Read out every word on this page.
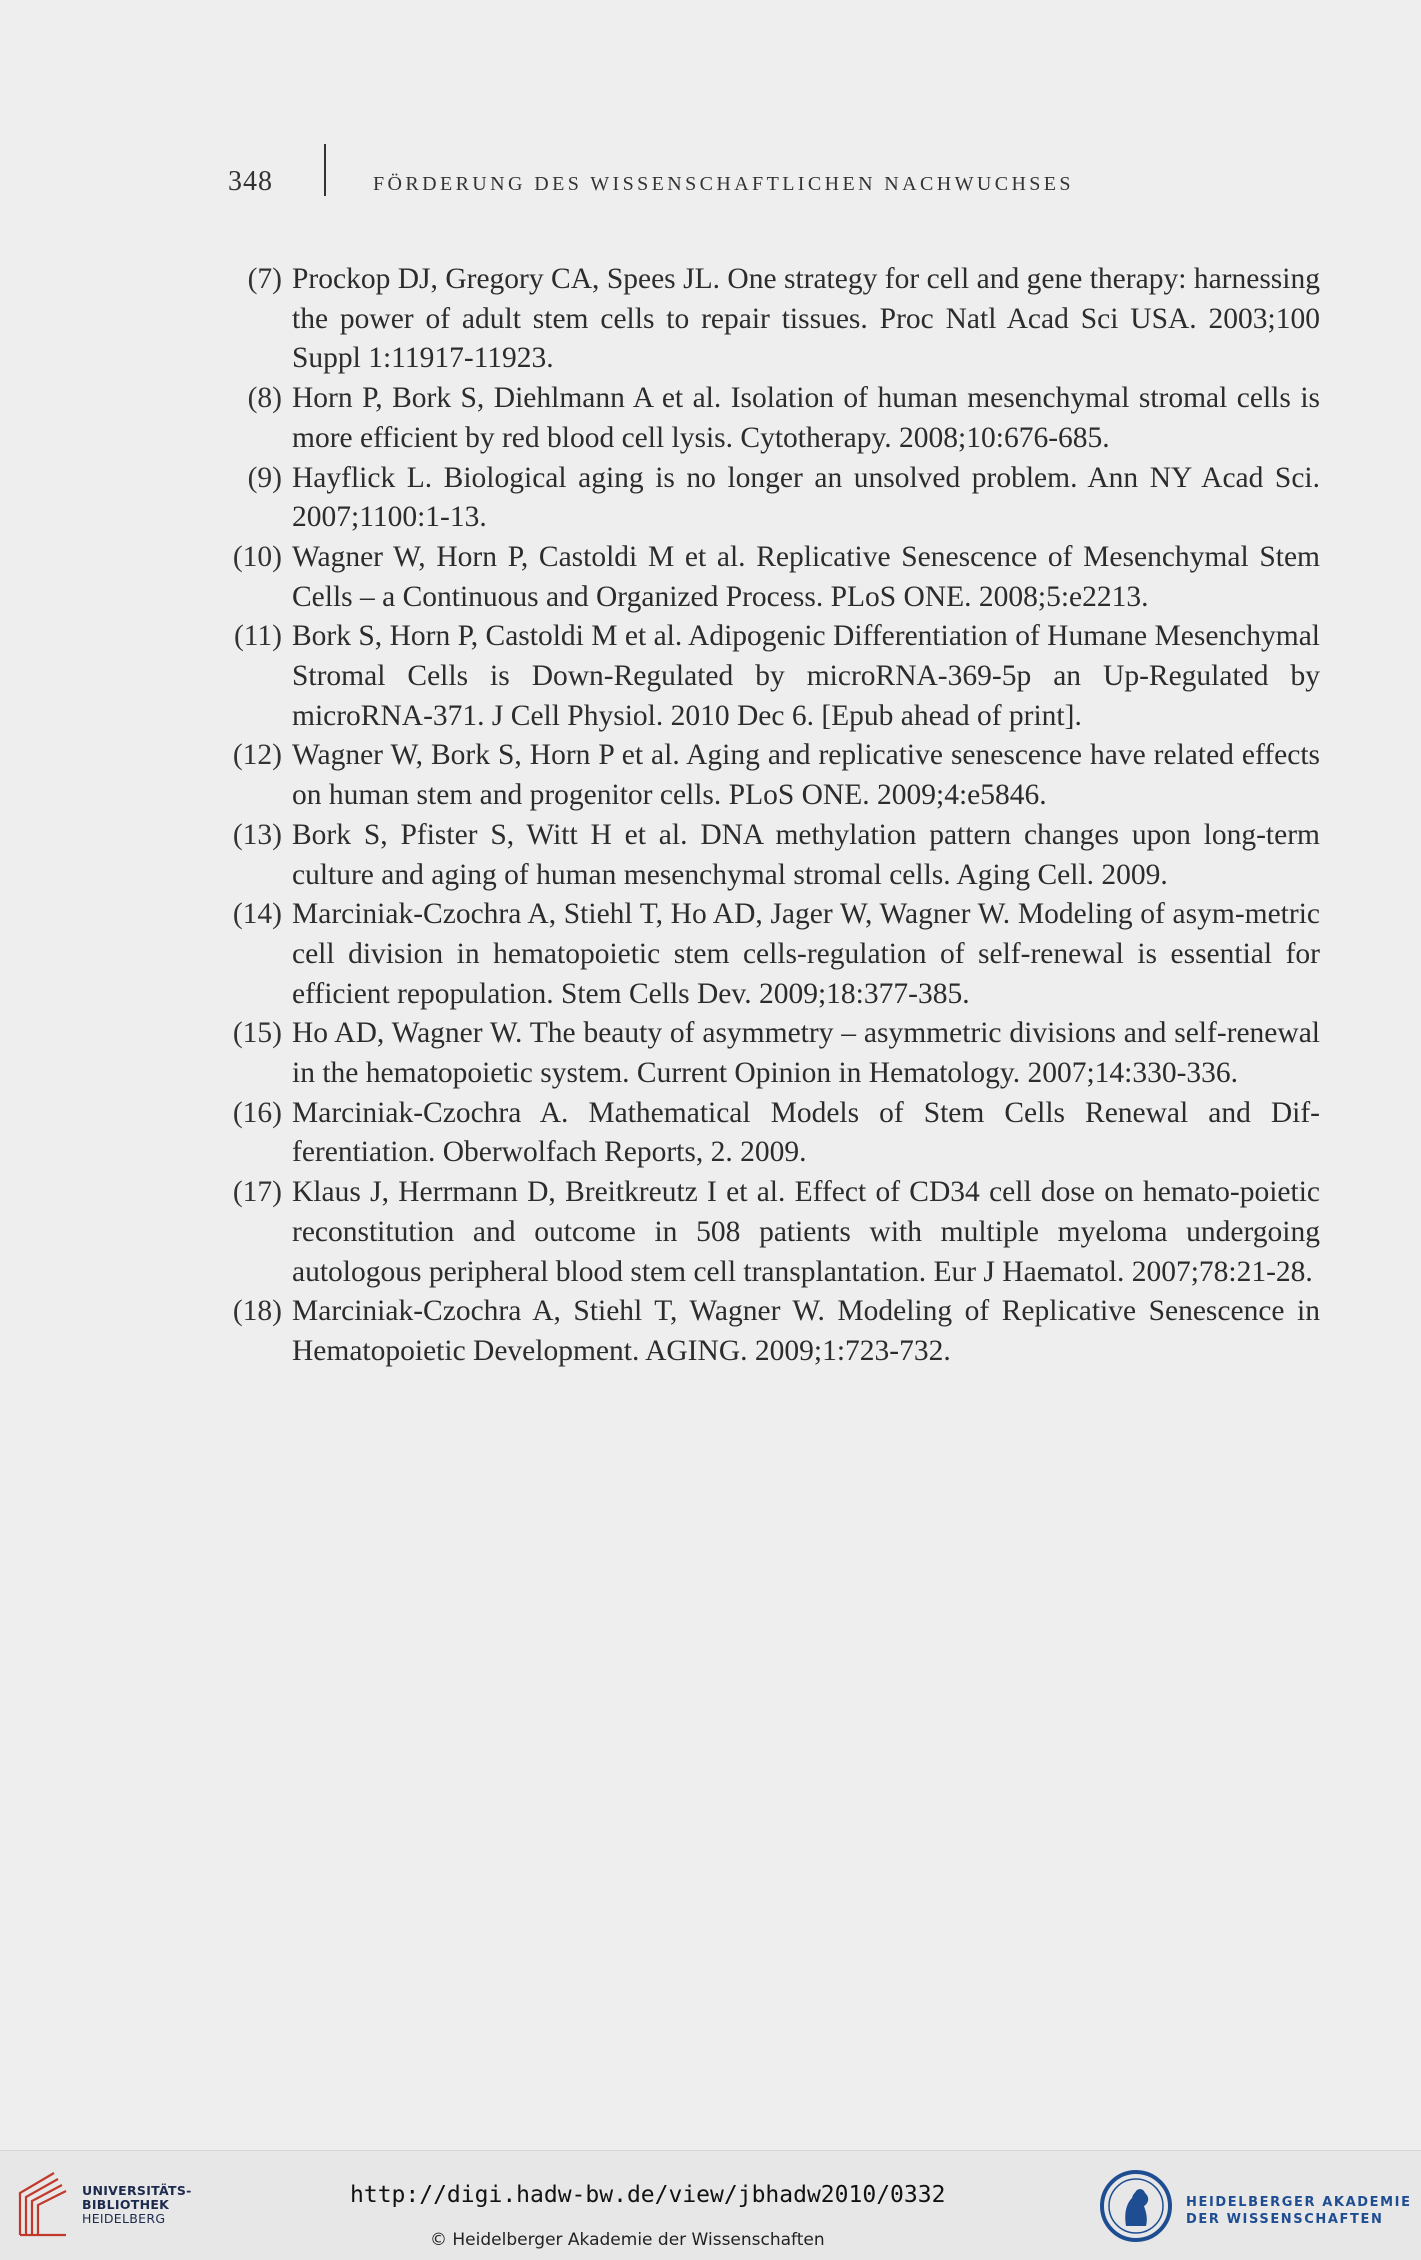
348	FÖRDERUNG DES WISSENSCHAFTLICHEN NACHWUCHSES
(7) Prockop DJ, Gregory CA, Spees JL. One strategy for cell and gene therapy: harnessing the power of adult stem cells to repair tissues. Proc Natl Acad Sci USA. 2003;100 Suppl 1:11917-11923.
(8) Horn P, Bork S, Diehlmann A et al. Isolation of human mesenchymal stromal cells is more efficient by red blood cell lysis. Cytotherapy. 2008;10:676-685.
(9) Hayflick L. Biological aging is no longer an unsolved problem. Ann NY Acad Sci. 2007;1100:1-13.
(10) Wagner W, Horn P, Castoldi M et al. Replicative Senescence of Mesenchymal Stem Cells – a Continuous and Organized Process. PLoS ONE. 2008;5:e2213.
(11) Bork S, Horn P, Castoldi M et al. Adipogenic Differentiation of Humane Mesenchymal Stromal Cells is Down-Regulated by microRNA-369-5p an Up-Regulated by microRNA-371. J Cell Physiol. 2010 Dec 6. [Epub ahead of print].
(12) Wagner W, Bork S, Horn P et al. Aging and replicative senescence have related effects on human stem and progenitor cells. PLoS ONE. 2009;4:e5846.
(13) Bork S, Pfister S, Witt H et al. DNA methylation pattern changes upon long-term culture and aging of human mesenchymal stromal cells. Aging Cell. 2009.
(14) Marciniak-Czochra A, Stiehl T, Ho AD, Jager W, Wagner W. Modeling of asym-metric cell division in hematopoietic stem cells-regulation of self-renewal is essential for efficient repopulation. Stem Cells Dev. 2009;18:377-385.
(15) Ho AD, Wagner W. The beauty of asymmetry – asymmetric divisions and self-renewal in the hematopoietic system. Current Opinion in Hematology. 2007;14:330-336.
(16) Marciniak-Czochra A. Mathematical Models of Stem Cells Renewal and Dif-ferentiation. Oberwolfach Reports, 2. 2009.
(17) Klaus J, Herrmann D, Breitkreutz I et al. Effect of CD34 cell dose on hemato-poietic reconstitution and outcome in 508 patients with multiple myeloma undergoing autologous peripheral blood stem cell transplantation. Eur J Haematol. 2007;78:21-28.
(18) Marciniak-Czochra A, Stiehl T, Wagner W. Modeling of Replicative Senescence in Hematopoietic Development. AGING. 2009;1:723-732.
UNIVERSITÄTS-
BIBLIOTHEK
HEIDELBERG
http://digi.hadw-bw.de/view/jbhadw2010/0332
© Heidelberger Akademie der Wissenschaften
HEIDELBERGER AKADEMIE
DER WISSENSCHAFTEN
